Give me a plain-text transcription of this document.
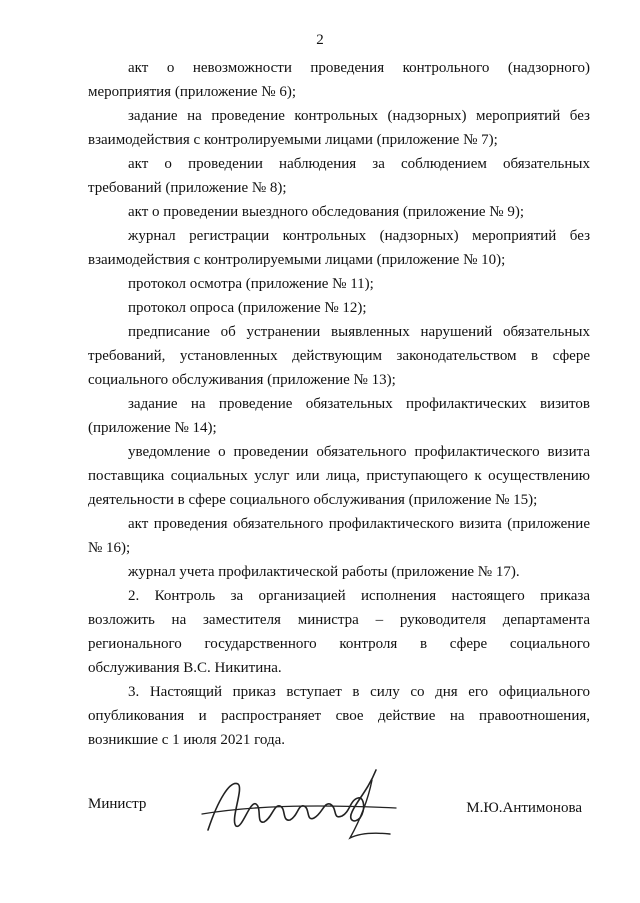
2

акт о невозможности проведения контрольного (надзорного) мероприятия (приложение № 6);

задание на проведение контрольных (надзорных) мероприятий без взаимодействия с контролируемыми лицами (приложение № 7);

акт о проведении наблюдения за соблюдением обязательных требований (приложение № 8);

акт о проведении выездного обследования (приложение № 9);

журнал регистрации контрольных (надзорных) мероприятий без взаимодействия с контролируемыми лицами (приложение № 10);

протокол осмотра (приложение № 11);

протокол опроса (приложение № 12);

предписание об устранении выявленных нарушений обязательных требований, установленных действующим законодательством в сфере социального обслуживания (приложение № 13);

задание на проведение обязательных профилактических визитов (приложение № 14);

уведомление о проведении обязательного профилактического визита поставщика социальных услуг или лица, приступающего к осуществлению деятельности в сфере социального обслуживания (приложение № 15);

акт проведения обязательного профилактического визита (приложение № 16);

журнал учета профилактической работы (приложение № 17).

2. Контроль за организацией исполнения настоящего приказа возложить на заместителя министра – руководителя департамента регионального государственного контроля в сфере социального обслуживания В.С. Никитина.

3. Настоящий приказ вступает в силу со дня его официального опубликования и распространяет свое действие на правоотношения, возникшие с 1 июля 2021 года.

Министр	М.Ю.Антимонова
